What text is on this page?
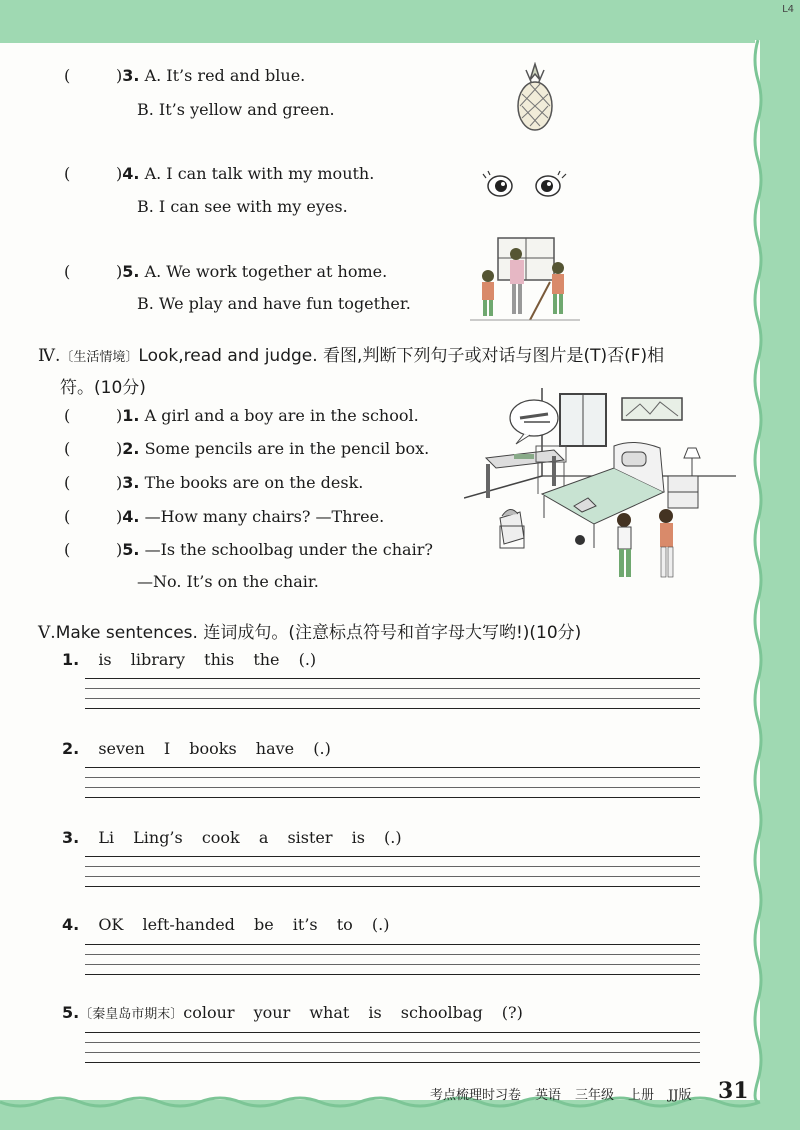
L4
(	)3. A. It’s red and blue.
B. It’s yellow and green.
(	)4. A. I can talk with my mouth.
B. I can see with my eyes.
(	)5. A. We work together at home.
B. We play and have fun together.
Ⅳ.〔生活情境〕Look,read and judge. 看图,判断下列句子或对话与图片是(T)否(F)相
符。(10分)
(	)1. A girl and a boy are in the school.
(	)2. Some pencils are in the pencil box.
(	)3. The books are on the desk.
(	)4. —How many chairs? —Three.
(	)5. —Is the schoolbag under the chair?
—No. It’s on the chair.
Ⅴ.Make sentences. 连词成句。(注意标点符号和首字母大写哟!)(10分)
1. is library this the (.)
2. seven I books have (.)
3. Li Ling’s cook a sister is (.)
4. OK left-handed be it’s to (.)
5.〔秦皇岛市期末〕colour your what is schoolbag (?)
考点梳理时习卷 英语 三年级 上册 JJ版	31
